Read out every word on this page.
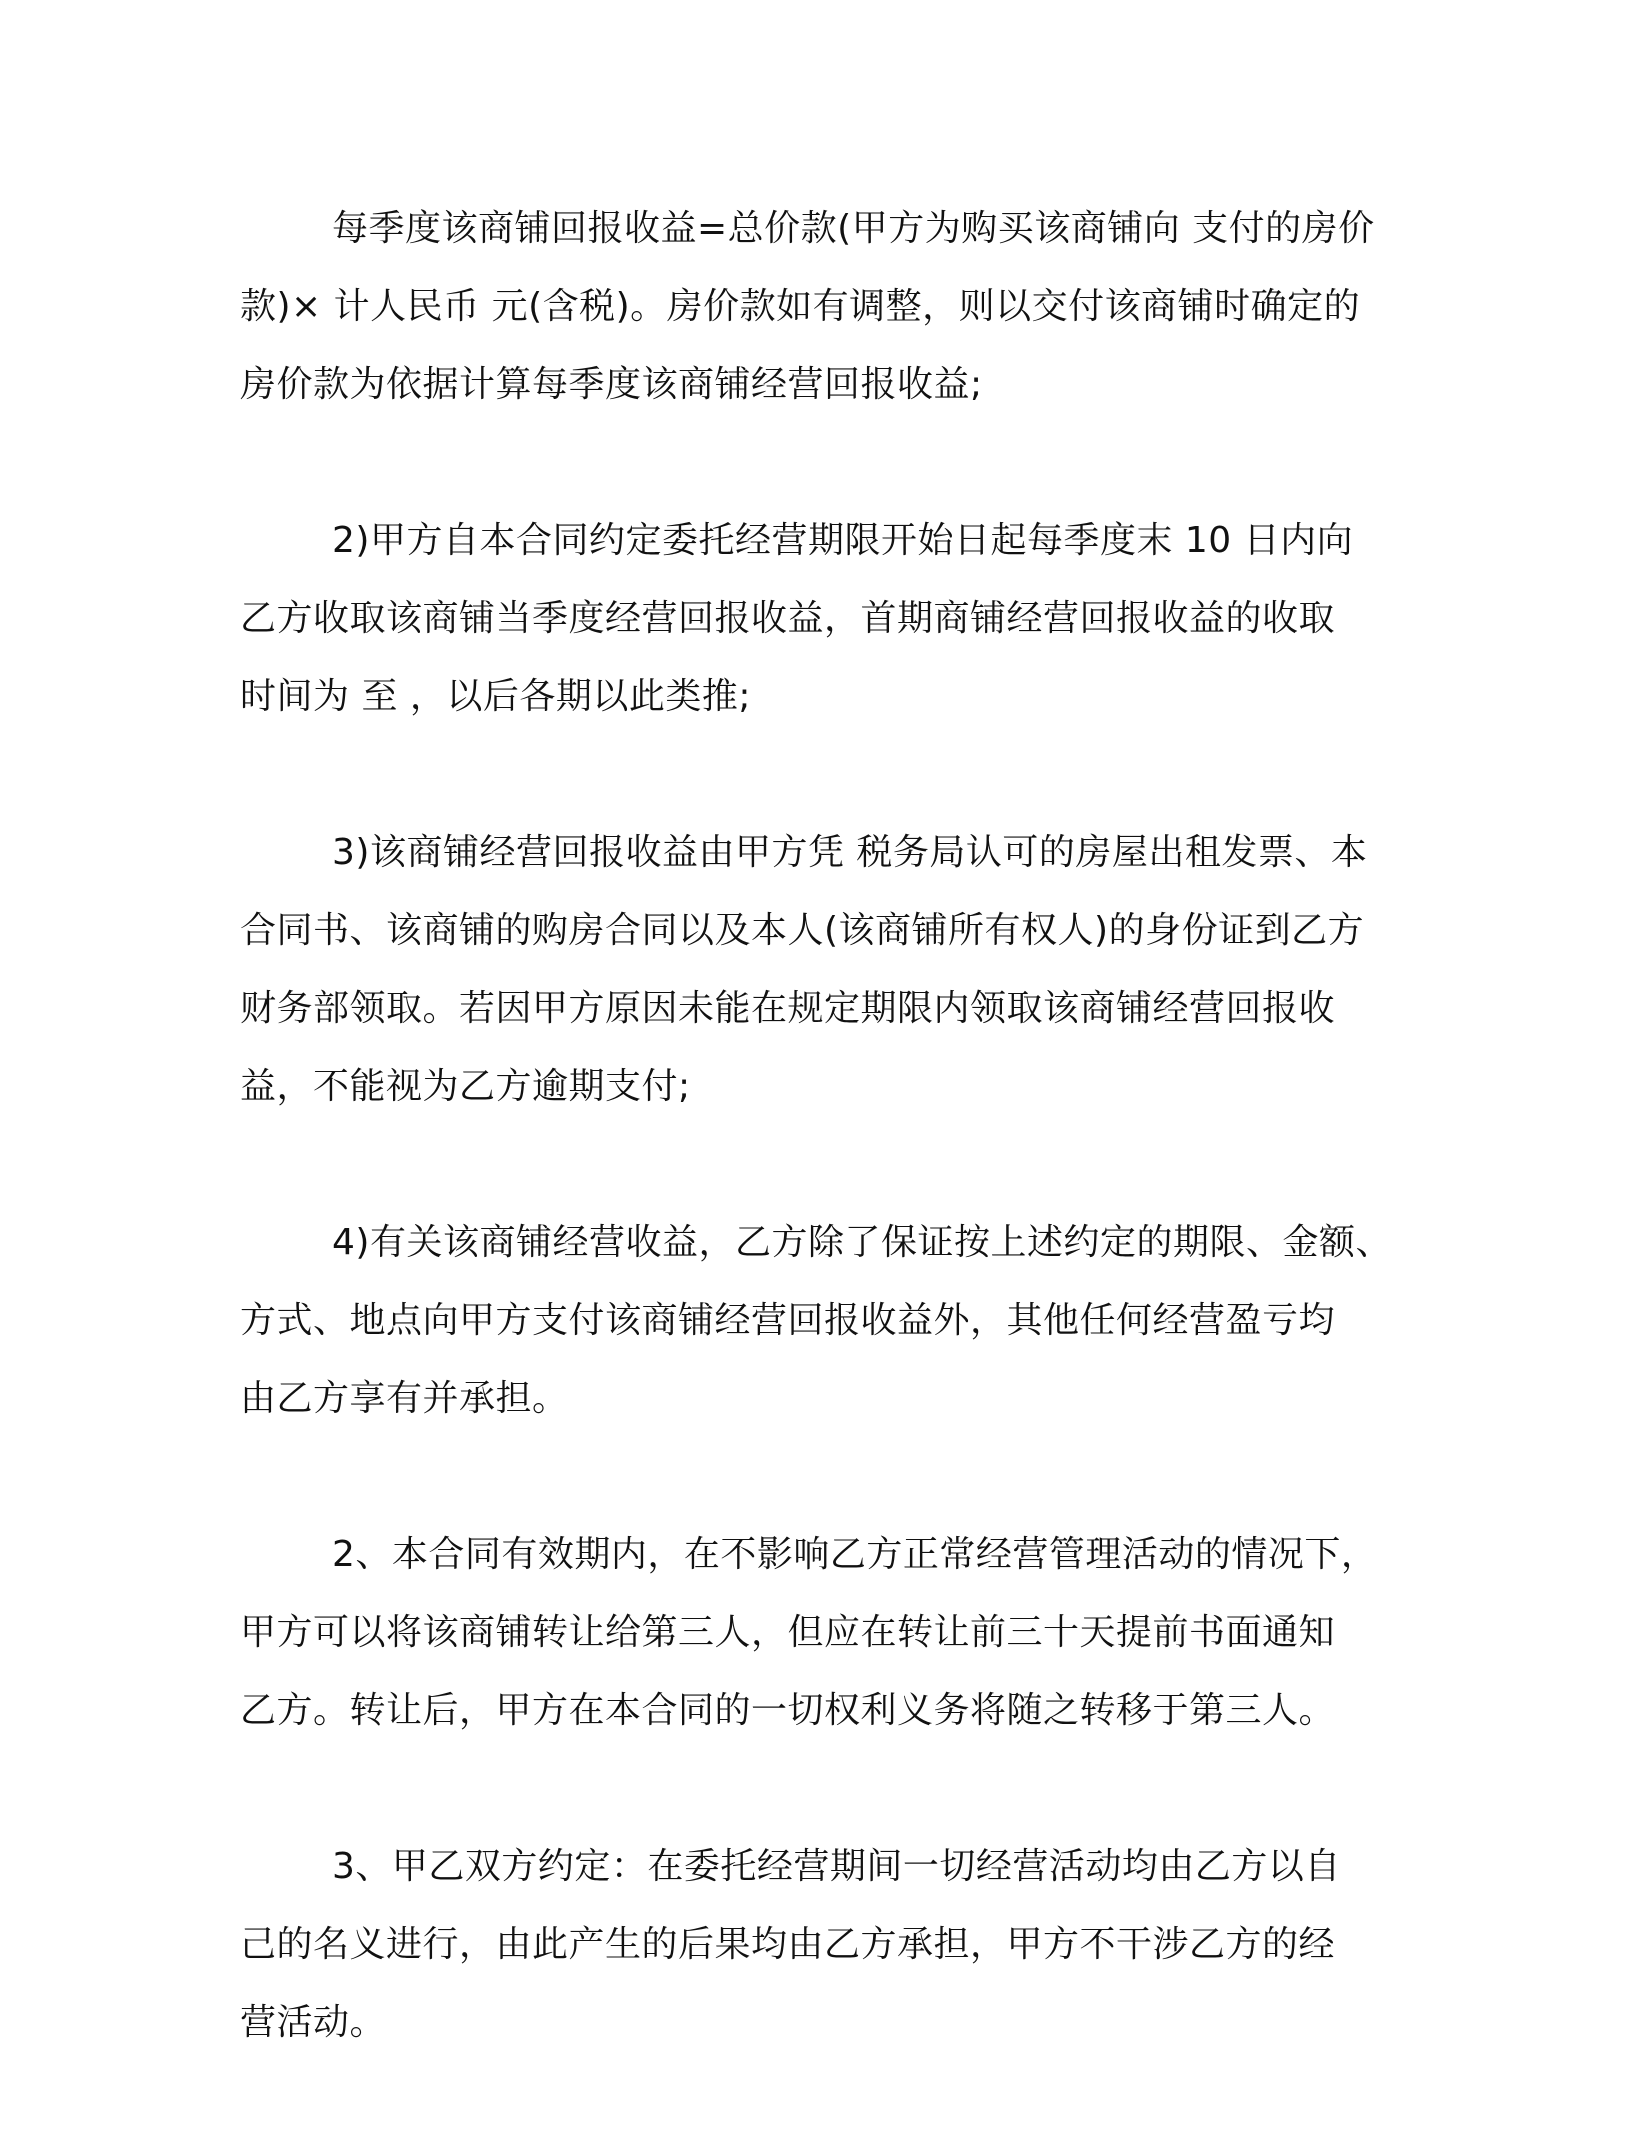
每季度该商铺回报收益=总价款(甲方为购买该商铺向 支付的房价
款)× 计人民币 元(含税)。房价款如有调整，则以交付该商铺时确定的
房价款为依据计算每季度该商铺经营回报收益;

2)甲方自本合同约定委托经营期限开始日起每季度末 10 日内向
乙方收取该商铺当季度经营回报收益，首期商铺经营回报收益的收取
时间为 至 ，以后各期以此类推;

3)该商铺经营回报收益由甲方凭 税务局认可的房屋出租发票、本
合同书、该商铺的购房合同以及本人(该商铺所有权人)的身份证到乙方
财务部领取。若因甲方原因未能在规定期限内领取该商铺经营回报收
益，不能视为乙方逾期支付;

4)有关该商铺经营收益，乙方除了保证按上述约定的期限、金额、
方式、地点向甲方支付该商铺经营回报收益外，其他任何经营盈亏均
由乙方享有并承担。

2、本合同有效期内，在不影响乙方正常经营管理活动的情况下，
甲方可以将该商铺转让给第三人，但应在转让前三十天提前书面通知
乙方。转让后，甲方在本合同的一切权利义务将随之转移于第三人。

3、甲乙双方约定：在委托经营期间一切经营活动均由乙方以自
己的名义进行，由此产生的后果均由乙方承担，甲方不干涉乙方的经
营活动。
